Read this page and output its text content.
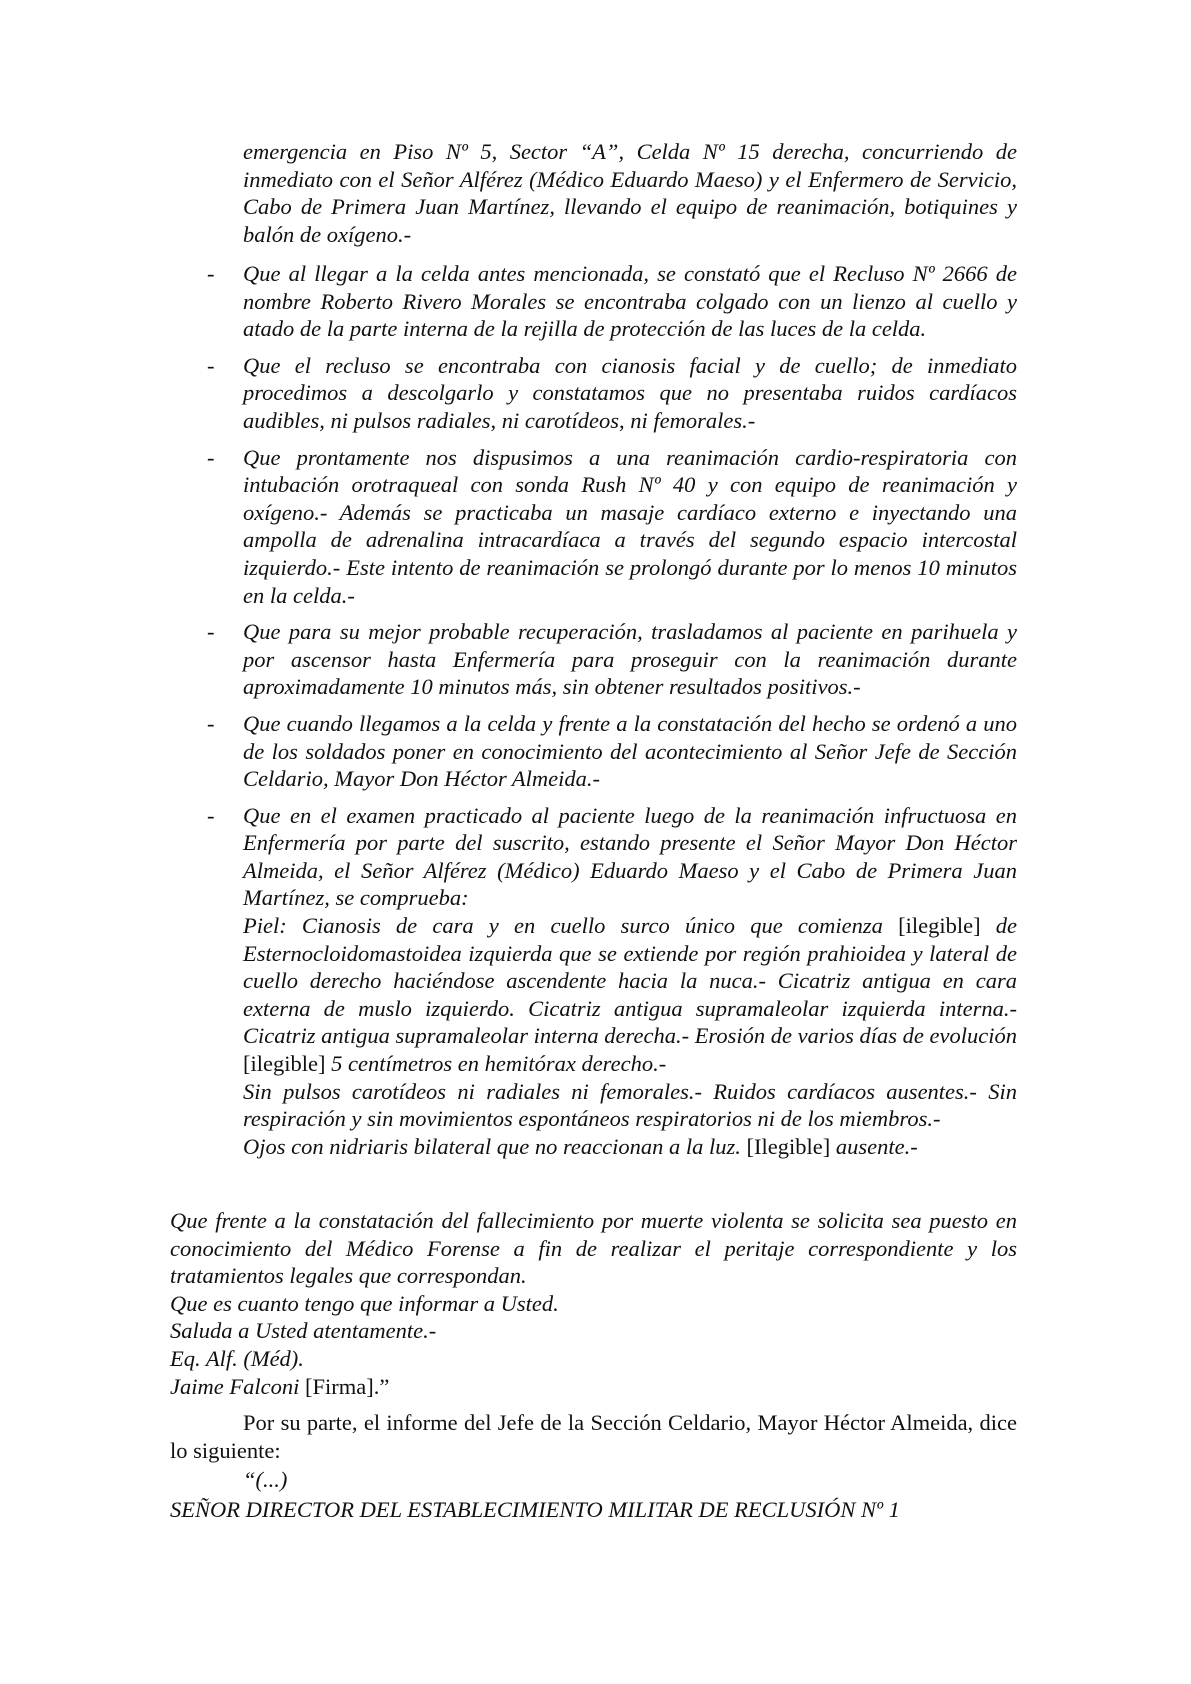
emergencia en Piso Nº 5, Sector “A”, Celda Nº 15 derecha, concurriendo de inmediato con el Señor Alférez (Médico Eduardo Maeso) y el Enfermero de Servicio, Cabo de Primera Juan Martínez, llevando el equipo de reanimación, botiquines y balón de oxígeno.-

- Que al llegar a la celda antes mencionada, se constató que el Recluso Nº 2666 de nombre Roberto Rivero Morales se encontraba colgado con un lienzo al cuello y atado de la parte interna de la rejilla de protección de las luces de la celda.
- Que el recluso se encontraba con cianosis facial y de cuello; de inmediato procedimos a descolgarlo y constatamos que no presentaba ruidos cardíacos audibles, ni pulsos radiales, ni carotídeos, ni femorales.-
- Que prontamente nos dispusimos a una reanimación cardio-respiratoria con intubación orotraqueal con sonda Rush Nº 40 y con equipo de reanimación y oxígeno.- Además se practicaba un masaje cardíaco externo e inyectando una ampolla de adrenalina intracardíaca a través del segundo espacio intercostal izquierdo.- Este intento de reanimación se prolongó durante por lo menos 10 minutos en la celda.-
- Que para su mejor probable recuperación, trasladamos al paciente en parihuela y por ascensor hasta Enfermería para proseguir con la reanimación durante aproximadamente 10 minutos más, sin obtener resultados positivos.-
- Que cuando llegamos a la celda y frente a la constatación del hecho se ordenó a uno de los soldados poner en conocimiento del acontecimiento al Señor Jefe de Sección Celdario, Mayor Don Héctor Almeida.-
- Que en el examen practicado al paciente luego de la reanimación infructuosa en Enfermería por parte del suscrito, estando presente el Señor Mayor Don Héctor Almeida, el Señor Alférez (Médico) Eduardo Maeso y el Cabo de Primera Juan Martínez, se comprueba:

Piel: Cianosis de cara y en cuello surco único que comienza [ilegible] de Esternocloidomastoidea izquierda que se extiende por región prahioidea y lateral de cuello derecho haciéndose ascendente hacia la nuca.- Cicatriz antigua en cara externa de muslo izquierdo. Cicatriz antigua supramaleolar izquierda interna.- Cicatriz antigua supramaleolar interna derecha.- Erosión de varios días de evolución [ilegible] 5 centímetros en hemitórax derecho.-

Sin pulsos carotídeos ni radiales ni femorales.- Ruidos cardíacos ausentes.- Sin respiración y sin movimientos espontáneos respiratorios ni de los miembros.-

Ojos con nidriaris bilateral que no reaccionan a la luz. [Ilegible] ausente.-

Que frente a la constatación del fallecimiento por muerte violenta se solicita sea puesto en conocimiento del Médico Forense a fin de realizar el peritaje correspondiente y los tratamientos legales que correspondan.

Que es cuanto tengo que informar a Usted.

Saluda a Usted atentamente.-

Eq. Alf. (Méd).

Jaime Falconi [Firma].”

Por su parte, el informe del Jefe de la Sección Celdario, Mayor Héctor Almeida, dice lo siguiente:

“(...)

SEÑOR DIRECTOR DEL ESTABLECIMIENTO MILITAR DE RECLUSIÓN Nº 1
